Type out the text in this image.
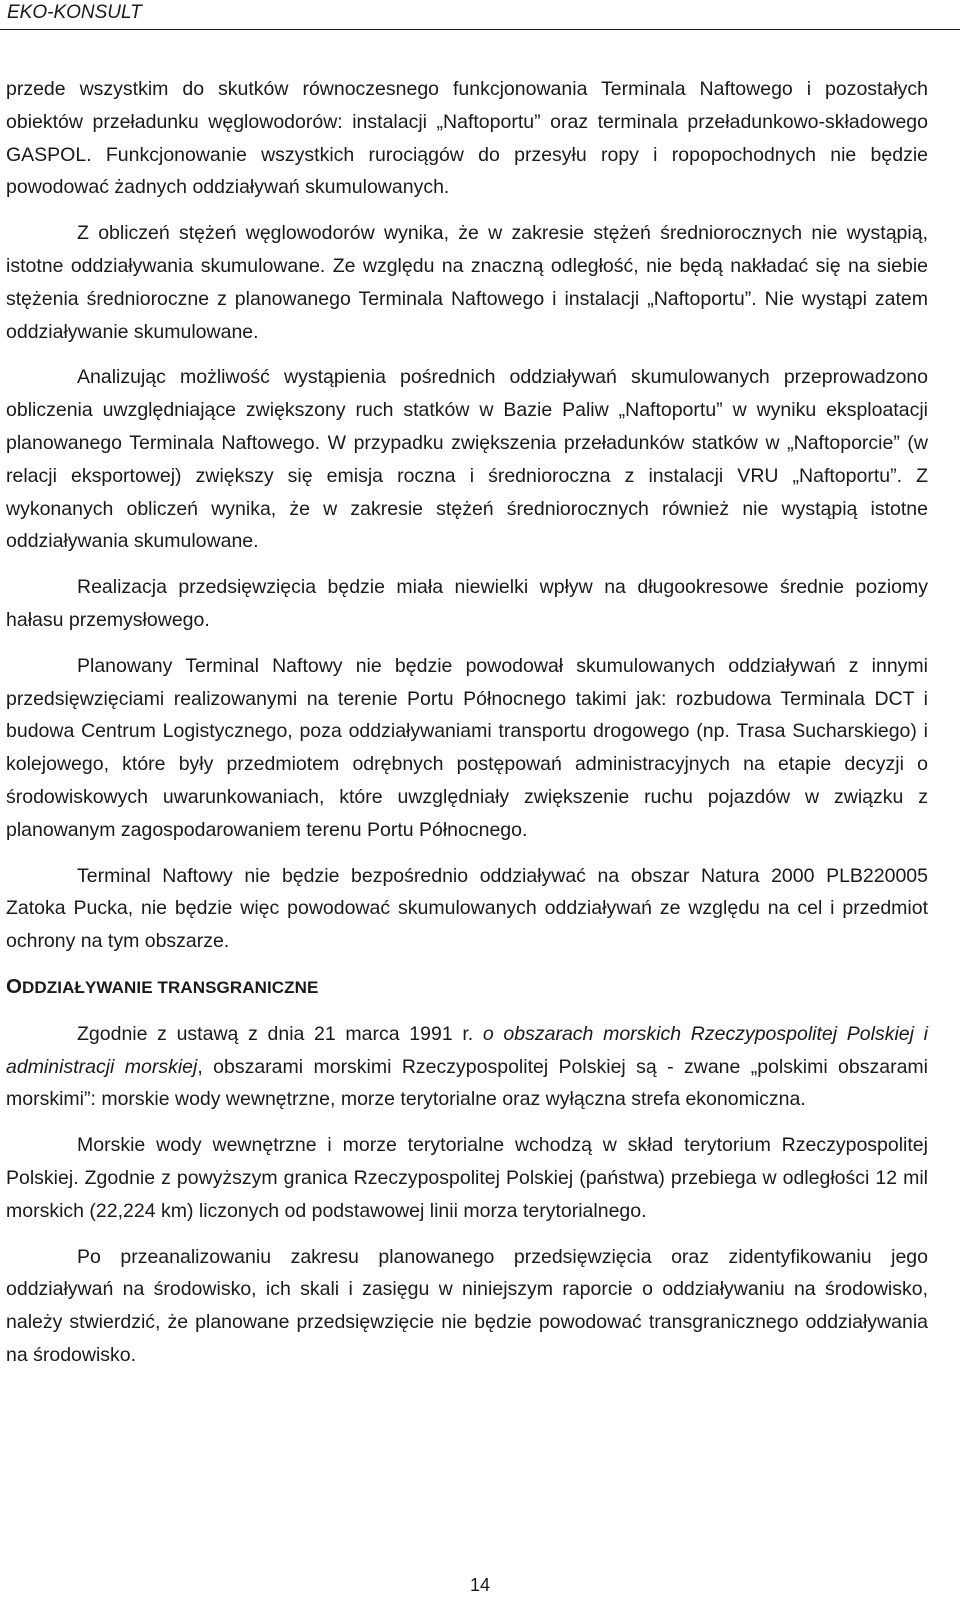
EKO-KONSULT

przede wszystkim do skutków równoczesnego funkcjonowania Terminala Naftowego i pozostałych obiektów przeładunku węglowodorów: instalacji „Naftoportu” oraz terminala przeładunkowo-składowego GASPOL. Funkcjonowanie wszystkich rurociągów do przesyłu ropy i ropopochodnych nie będzie powodować żadnych oddziaływań skumulowanych.

Z obliczeń stężeń węglowodorów wynika, że w zakresie stężeń średniorocznych nie wystąpią, istotne oddziaływania skumulowane. Ze względu na znaczną odległość, nie będą nakładać się na siebie stężenia średnioroczne z planowanego Terminala Naftowego i instalacji „Naftoportu”. Nie wystąpi zatem oddziaływanie skumulowane.

Analizując możliwość wystąpienia pośrednich oddziaływań skumulowanych przeprowadzono obliczenia uwzględniające zwiększony ruch statków w Bazie Paliw „Naftoportu” w wyniku eksploatacji planowanego Terminala Naftowego. W przypadku zwiększenia przeładunków statków w „Naftoporcie” (w relacji eksportowej) zwiększy się emisja roczna i średnioroczna z instalacji VRU „Naftoportu”. Z wykonanych obliczeń wynika, że w zakresie stężeń średniorocznych również nie wystąpią istotne oddziaływania skumulowane.

Realizacja przedsięwzięcia będzie miała niewielki wpływ na długookresowe średnie poziomy hałasu przemysłowego.

Planowany Terminal Naftowy nie będzie powodował skumulowanych oddziaływań z innymi przedsięwzięciami realizowanymi na terenie Portu Północnego takimi jak: rozbudowa Terminala DCT i budowa Centrum Logistycznego, poza oddziaływaniami transportu drogowego (np. Trasa Sucharskiego) i kolejowego, które były przedmiotem odrębnych postępowań administracyjnych na etapie decyzji o środowiskowych uwarunkowaniach, które uwzględniały zwiększenie ruchu pojazdów w związku z planowanym zagospodarowaniem terenu Portu Północnego.

Terminal Naftowy nie będzie bezpośrednio oddziaływać na obszar Natura 2000 PLB220005 Zatoka Pucka, nie będzie więc powodować skumulowanych oddziaływań ze względu na cel i przedmiot ochrony na tym obszarze.

ODDZIAŁYWANIE TRANSGRANICZNE

Zgodnie z ustawą z dnia 21 marca 1991 r. o obszarach morskich Rzeczypospolitej Polskiej i administracji morskiej, obszarami morskimi Rzeczypospolitej Polskiej są - zwane „polskimi obszarami morskimi”: morskie wody wewnętrzne, morze terytorialne oraz wyłączna strefa ekonomiczna.

Morskie wody wewnętrzne i morze terytorialne wchodzą w skład terytorium Rzeczypospolitej Polskiej. Zgodnie z powyższym granica Rzeczypospolitej Polskiej (państwa) przebiega w odległości 12 mil morskich (22,224 km) liczonych od podstawowej linii morza terytorialnego.

Po przeanalizowaniu zakresu planowanego przedsięwzięcia oraz zidentyfikowaniu jego oddziaływań na środowisko, ich skali i zasięgu w niniejszym raporcie o oddziaływaniu na środowisko, należy stwierdzić, że planowane przedsięwzięcie nie będzie powodować transgranicznego oddziaływania na środowisko.

14
